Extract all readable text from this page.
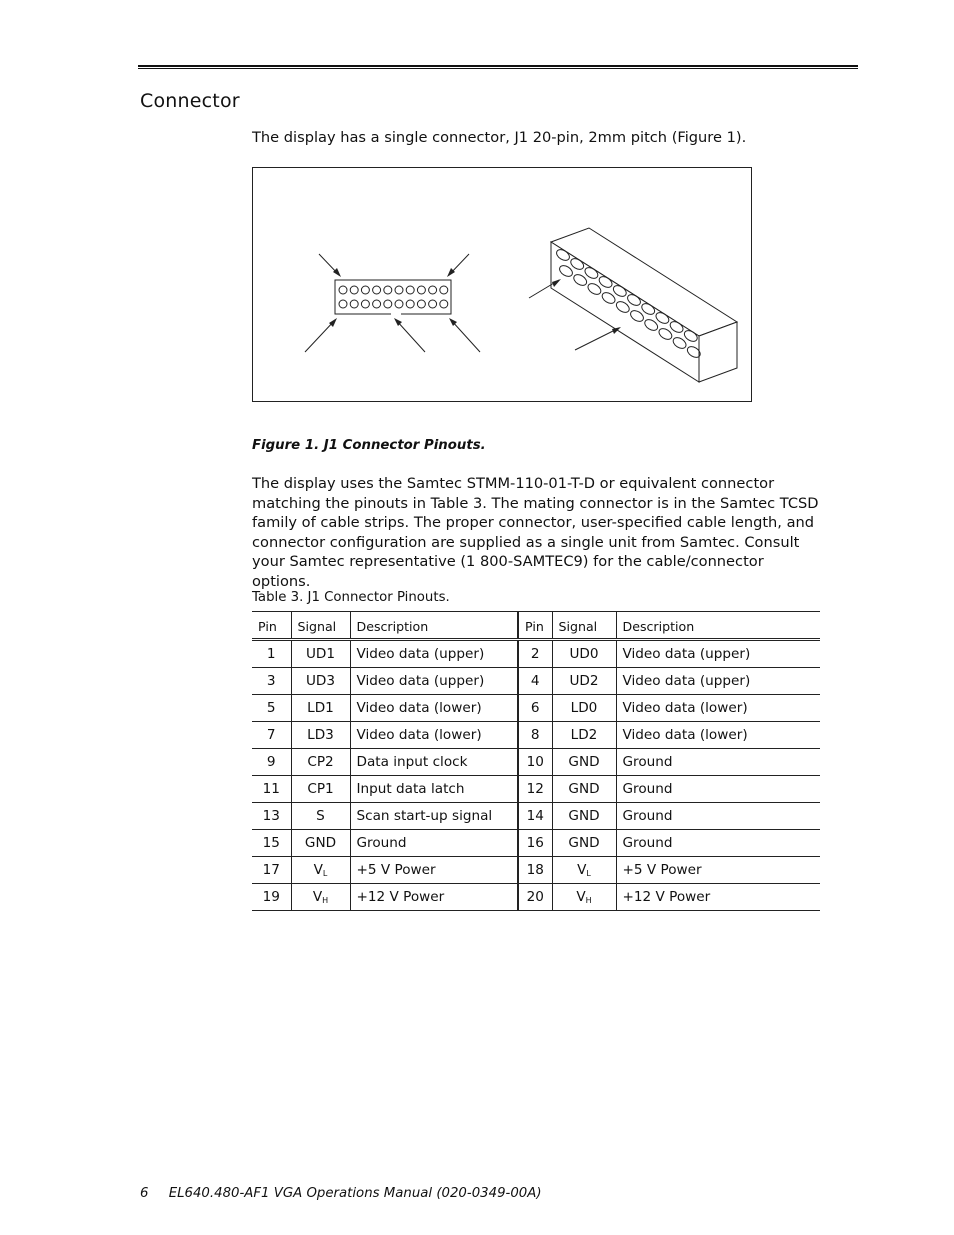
Connector

The display has a single connector, J1 20-pin, 2mm pitch (Figure 1).

Figure 1. J1 Connector Pinouts.

The display uses the Samtec STMM-110-01-T-D or equivalent connector matching the pinouts in Table 3. The mating connector is in the Samtec TCSD family of cable strips. The proper connector, user-specified cable length, and connector configuration are supplied as a single unit from Samtec. Consult your Samtec representative (1 800-SAMTEC9) for the cable/connector options.

Table 3. J1 Connector Pinouts.
Pin	Signal	Description	Pin	Signal	Description
1	UD1	Video data (upper)	2	UD0	Video data (upper)
3	UD3	Video data (upper)	4	UD2	Video data (upper)
5	LD1	Video data (lower)	6	LD0	Video data (lower)
7	LD3	Video data (lower)	8	LD2	Video data (lower)
9	CP2	Data input clock	10	GND	Ground
11	CP1	Input data latch	12	GND	Ground
13	S	Scan start-up signal	14	GND	Ground
15	GND	Ground	16	GND	Ground
17	$V_L$	+5 V Power	18	$V_L$	+5 V Power
19	$V_H$	+12 V Power	20	$V_H$	+12 V Power
6 EL640.480-AF1 VGA Operations Manual (020-0349-00A)
